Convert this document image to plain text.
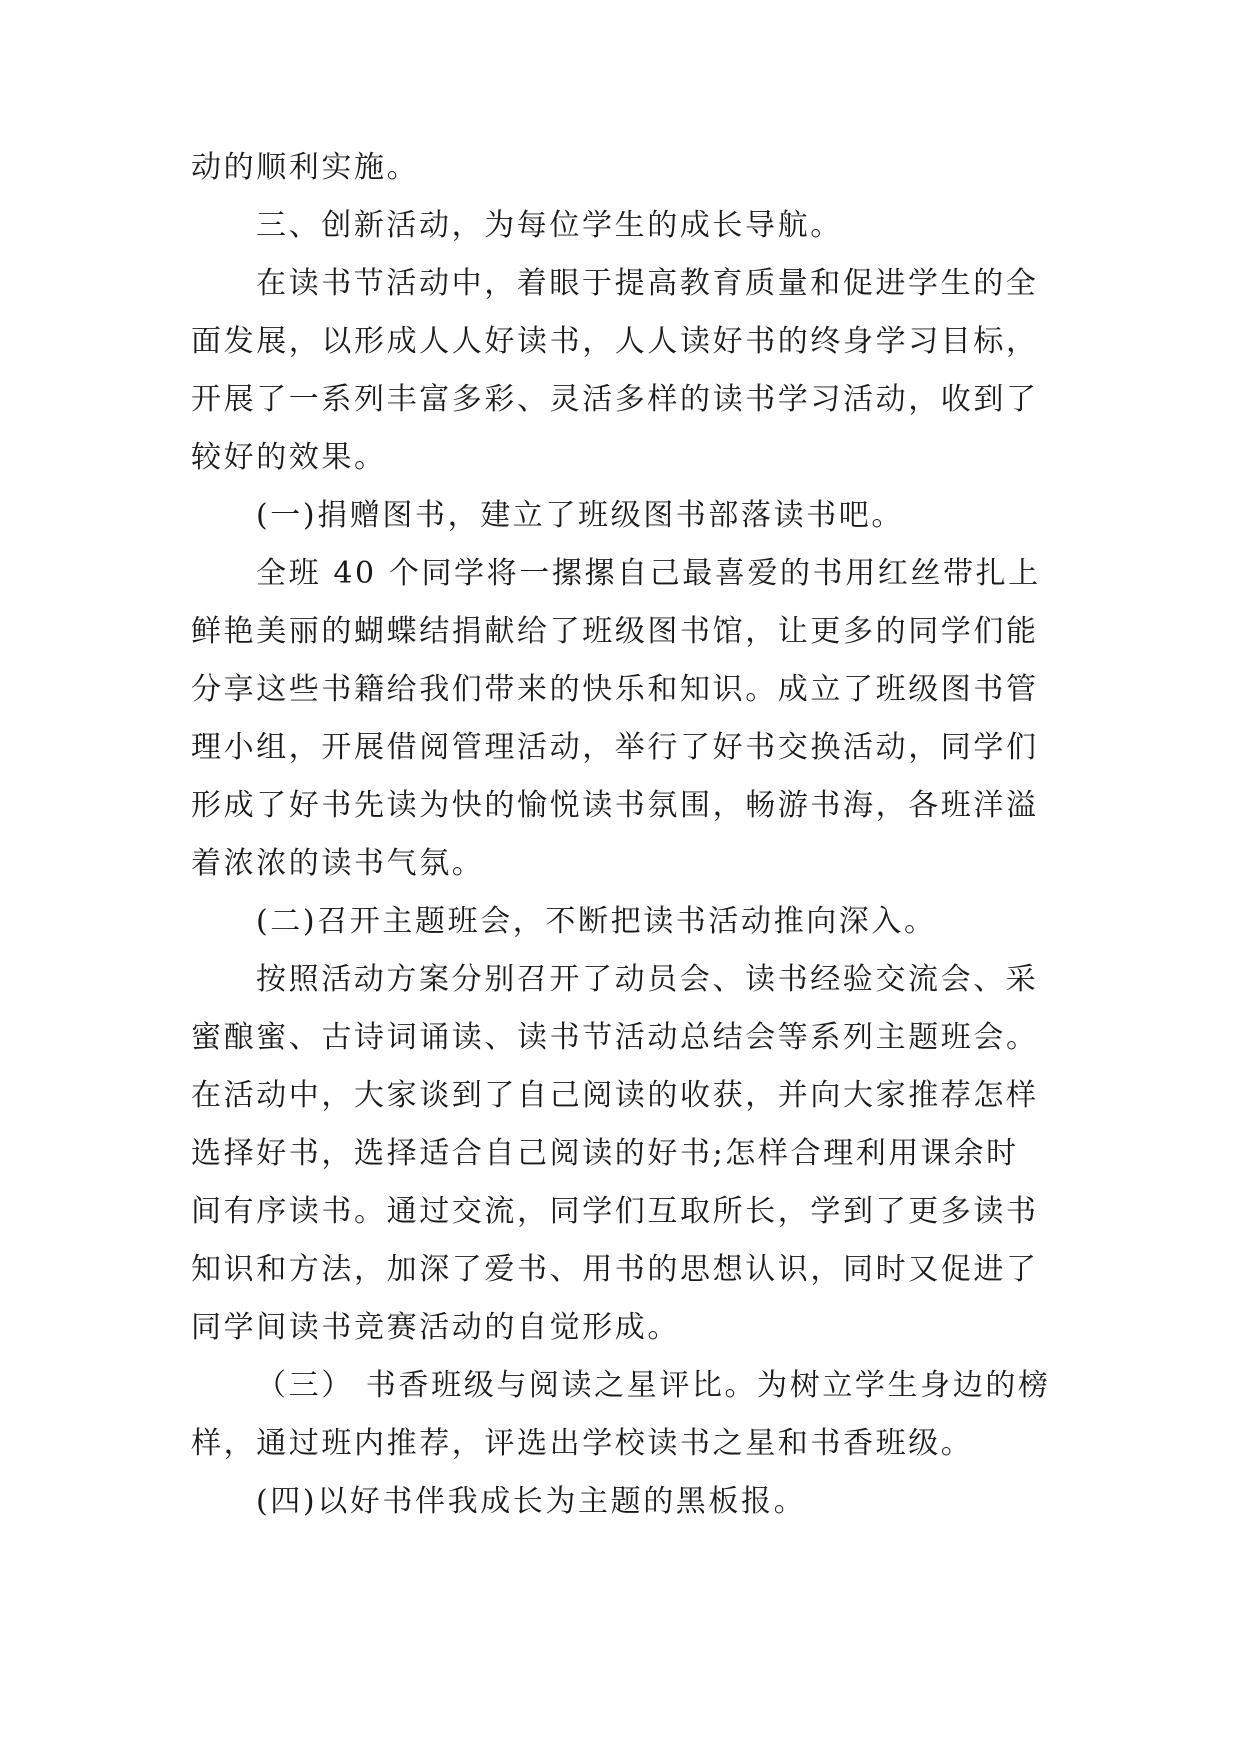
动的顺利实施。

三、创新活动，为每位学生的成长导航。

在读书节活动中，着眼于提高教育质量和促进学生的全

面发展，以形成人人好读书，人人读好书的终身学习目标，

开展了一系列丰富多彩、灵活多样的读书学习活动，收到了

较好的效果。

(一)捐赠图书，建立了班级图书部落读书吧。

全班 40 个同学将一摞摞自己最喜爱的书用红丝带扎上

鲜艳美丽的蝴蝶结捐献给了班级图书馆，让更多的同学们能

分享这些书籍给我们带来的快乐和知识。成立了班级图书管

理小组，开展借阅管理活动，举行了好书交换活动，同学们

形成了好书先读为快的愉悦读书氛围，畅游书海，各班洋溢

着浓浓的读书气氛。

(二)召开主题班会，不断把读书活动推向深入。

按照活动方案分别召开了动员会、读书经验交流会、采

蜜酿蜜、古诗词诵读、读书节活动总结会等系列主题班会。

在活动中，大家谈到了自己阅读的收获，并向大家推荐怎样

选择好书，选择适合自己阅读的好书;怎样合理利用课余时

间有序读书。通过交流，同学们互取所长，学到了更多读书

知识和方法，加深了爱书、用书的思想认识，同时又促进了

同学间读书竞赛活动的自觉形成。

（三） 书香班级与阅读之星评比。为树立学生身边的榜

样，通过班内推荐，评选出学校读书之星和书香班级。

(四)以好书伴我成长为主题的黑板报。
